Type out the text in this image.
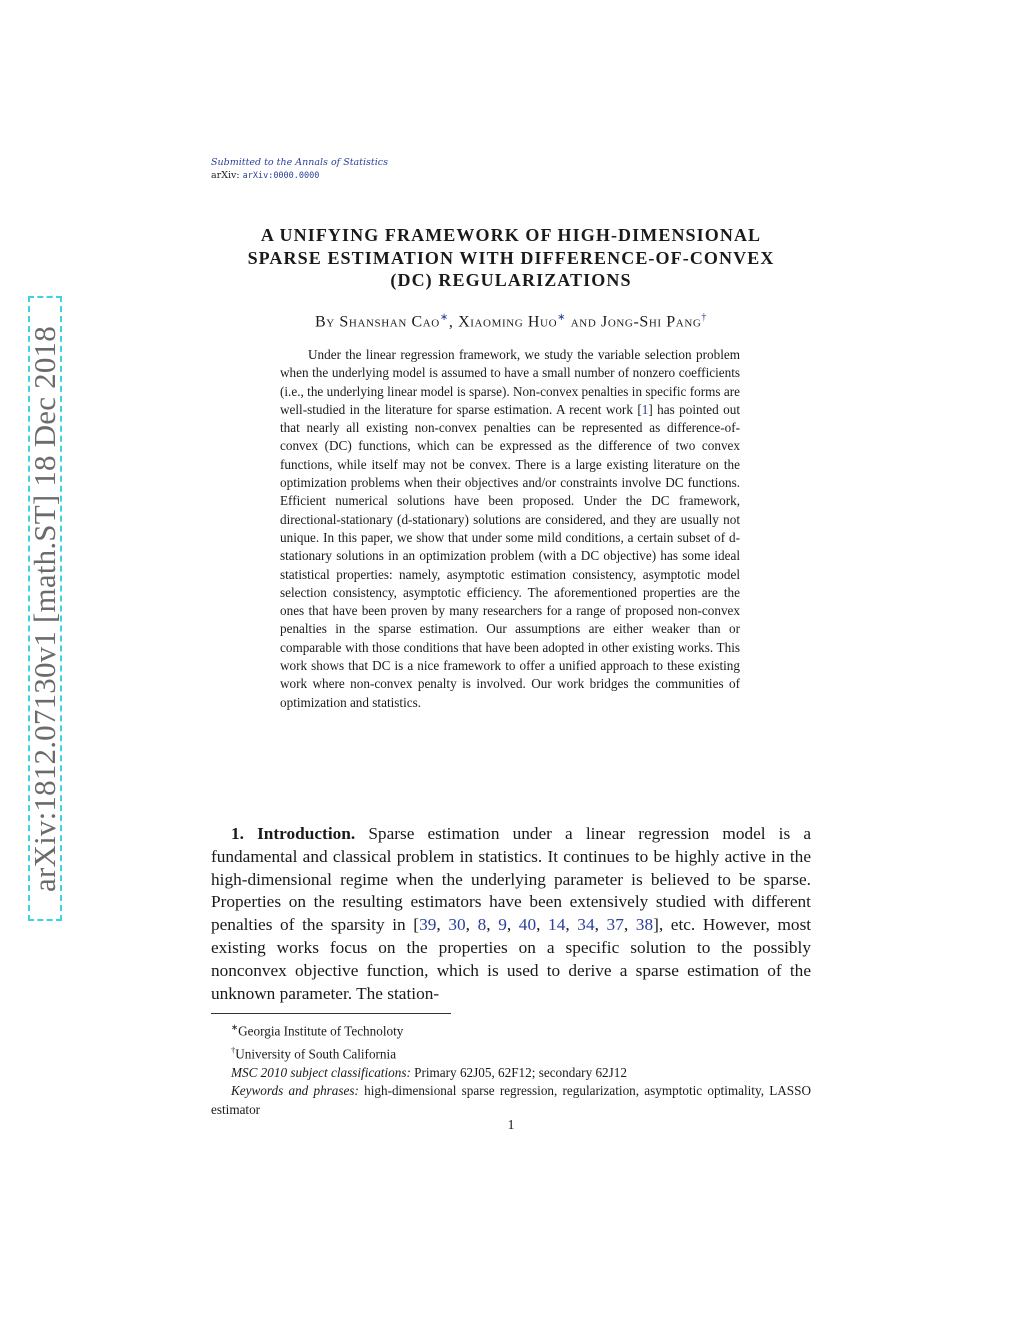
arXiv:1812.07130v1 [math.ST] 18 Dec 2018
Submitted to the Annals of Statistics
arXiv: arXiv:0000.0000
A UNIFYING FRAMEWORK OF HIGH-DIMENSIONAL
SPARSE ESTIMATION WITH DIFFERENCE-OF-CONVEX
(DC) REGULARIZATIONS
By Shanshan Cao∗, Xiaoming Huo∗ and Jong-Shi Pang†
Under the linear regression framework, we study the variable selection problem when the underlying model is assumed to have a small number of nonzero coefficients (i.e., the underlying linear model is sparse). Non-convex penalties in specific forms are well-studied in the literature for sparse estimation. A recent work [1] has pointed out that nearly all existing non-convex penalties can be represented as difference-of-convex (DC) functions, which can be expressed as the difference of two convex functions, while itself may not be convex. There is a large existing literature on the optimization problems when their objectives and/or constraints involve DC functions. Efficient numerical solutions have been proposed. Under the DC framework, directional-stationary (d-stationary) solutions are considered, and they are usually not unique. In this paper, we show that under some mild conditions, a certain subset of d-stationary solutions in an optimization problem (with a DC objective) has some ideal statistical properties: namely, asymptotic estimation consistency, asymptotic model selection consistency, asymptotic efficiency. The aforementioned properties are the ones that have been proven by many researchers for a range of proposed non-convex penalties in the sparse estimation. Our assumptions are either weaker than or comparable with those conditions that have been adopted in other existing works. This work shows that DC is a nice framework to offer a unified approach to these existing work where non-convex penalty is involved. Our work bridges the communities of optimization and statistics.
1. Introduction. Sparse estimation under a linear regression model is a fundamental and classical problem in statistics. It continues to be highly active in the high-dimensional regime when the underlying parameter is believed to be sparse. Properties on the resulting estimators have been extensively studied with different penalties of the sparsity in [39, 30, 8, 9, 40, 14, 34, 37, 38], etc. However, most existing works focus on the properties on a specific solution to the possibly nonconvex objective function, which is used to derive a sparse estimation of the unknown parameter. The station-
∗Georgia Institute of Technoloty
†University of South California
MSC 2010 subject classifications: Primary 62J05, 62F12; secondary 62J12
Keywords and phrases: high-dimensional sparse regression, regularization, asymptotic optimality, LASSO estimator
1
